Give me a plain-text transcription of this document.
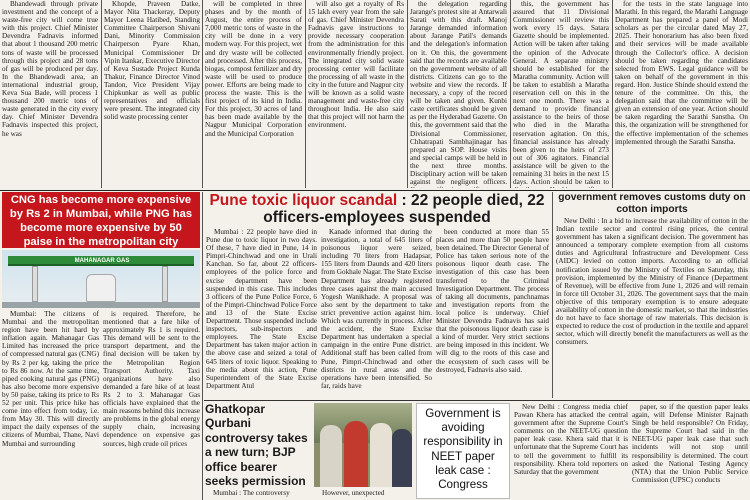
Bhandewadi through private investment and the concept of a waste-free city will come true with this project. Chief Minister Devendra Fadnavis informed that about 1 thousand 200 metric tons of waste will be processed through this project and 28 tons of gas will be produced per day. In the Bhandewadi area, an international industrial group, Keva Sua Bade, will process 1 thousand 200 metric tons of waste generated in the city every day. Chief Minister Devendra Fadnavis inspected this project, he was

Khopde, Praveen Datke, Mayor Nita Thackeray, Deputy Mayor Leena Hatibed, Standing Committee Chairperson Shivani Dani, Minority Commission Chairperson Pyare Khan, Municipal Commissioner Dr Vipin Itankar, Executive Director of Keva Sustade Project Kunda Thakur, Finance Director Vinod Tandon, Vice President Vijay Chipkunkar as well as public representatives and officials were present. The integrated city solid waste processing center

will be completed in three phases and by the month of August, the entire process of 7,000 metric tons of waste in the city will be done in a very modern way. For this project, wet and dry waste will be collected and processed. After this process, biogas, compost fertilizer and dry waste will be used to produce power. Efforts are being made to process the waste. This is the first project of its kind in India. For this project, 30 acres of land has been made available by the Nagpur Municipal Corporation and the Municipal Corporation

will also get a royalty of Rs 15 lakh every year from the sale of gas. Chief Minister Devendra Fadnavis gave instructions to provide necessary cooperation from the administration for this environmentally friendly project. The integrated city solid waste processing center will facilitate the processing of all waste in the city in the future and Nagpur city will be known as a solid waste management and waste-free city throughout India. He also said that this project will not harm the environment.

the delegation regarding Jarange's protest site at Antarwali Sarati with this draft. Manoj Jarange demanded information about Jarange Patil's demands and the delegation's information on it. On this, the government said that the records are available on the government website of all districts. Citizens can go to the website and view the records. If necessary, a copy of the record will be taken and given. Kunbi caste certificates should be given as per the Hyderabad Gazette. On this, the government said that the Divisional Commissioner, Chhatrapati Sambhajinagar has prepared an SOP. House visits and special camps will be held in the next three months. Disciplinary action will be taken against the negligent officers.

this, the government has assured that 11 Divisional Commissioner will review this work every 15 days. Satara Gazette should be implemented. Action will be taken after taking the opinion of the Advocate General. A separate ministry should be established for the Maratha community. Action will be taken to establish a Maratha reservation cell on this in the next one month. There was a demand to provide financial assistance to the heirs of those who died in the Maratha reservation agitation. On this, financial assistance has already been given to the heirs of 273 out of 306 agitators. Financial assistance will be given to the remaining 31 heirs in the next 15 days. Action should be taken to

for the tests in the state language into Marathi. In this regard, the Marathi Language Department has prepared a panel of Modi scholars as per the circular dated May 27, 2025. Their honorarium has also been fixed and their services will be made available through the Collector's office. A decision should be taken regarding the candidates selected from EWS. Legal guidance will be taken on behalf of the government in this regard. Hon. Justice Shinde should extend the tenure of the committee. On this, the delegation said that the committee will be given an extension of one year. Action should be taken regarding the Sarathi Sanstha. On this, the organization will be strengthened for the effective implementation of the schemes implemented through the Sarathi Sanstha.

CNG has become more expensive by Rs 2 in Mumbai, while PNG has become more expensive by 50 paise in the metropolitan city
MAHANAGAR GAS

Mumbai: The citizens of Mumbai and the metropolitan region have been hit hard by inflation again. Mahanagar Gas Limited has increased the price of compressed natural gas (CNG) by Rs 2 per kg, taking the price to Rs 86 now. At the same time, piped cooking natural gas (PNG) has also become more expensive by 50 paise, taking its price to Rs 52 per unit. This price hike has come into effect from today, i.e. from May 30. This will directly impact the daily expenses of the citizens of Mumbai, Thane, Navi Mumbai and surrounding

is required. Therefore, he mentioned that a fare hike of approximately Rs 1 is required. This demand will be sent to the transport department, and the final decision will be taken by the Metropolitan Region Transport Authority. Taxi organizations have also demanded a fare hike of at least Rs 2 to 3. Mahanagar Gas officials have explained that the main reasons behind this increase are problems in the global energy supply chain, increasing dependence on expensive gas sources, high crude oil prices

Pune toxic liquor scandal : 22 people died, 22 officers-employees suspended

Mumbai : 22 people have died in Pune due to toxic liquor in two days. Of these, 7 have died in Pune, 14 in Pimpri-Chinchwad and one in Urali Kanchan. So far, about 22 officers-employees of the police force and excise department have been suspended in this case. This includes 3 officers of the Pune Police Force, 6 of the Pimpri-Chinchwad Police Force and 13 of the State Excise Department. Those suspended include inspectors, sub-inspectors and employees. The State Excise Department has taken major action in the above case and seized a total of 645 liters of toxic liquor. Speaking to the media about this action, Pune Superintendent of the State Excise Department Atul

Kanade informed that during the investigation, a total of 645 liters of poisonous liquor were seized, including 70 liters from Hadapsar, 155 liters from Daunds and 420 liters from Gokhale Nagar. The State Excise Department has already registered three cases against the main accused Yogesh Wanikhade. A proposal was also sent by the department to take strict preventive action against him. Which was currently in process. After the accident, the State Excise Department has undertaken a special campaign in the entire Pune district. Additional staff has been called from Pune, Pimpri-Chinchwad and other districts in rural areas and the operations have been intensified. So far, raids have

been conducted at more than 55 places and more than 50 people have been detained. The Director General of Police has taken serious note of the poisonous liquor death case. The investigation of this case has been transferred to the Criminal Investigation Department. The process of taking all documents, panchnamas and investigation reports from the local police is underway. Chief Minister Devendra Fadnavis has said that the poisonous liquor death case is a kind of murder. Very strict sections are being imposed in this incident. We will dig to the roots of this case and the ecosystem of such cases will be destroyed, Fadnavis also said.

government removes customs duty on cotton imports

New Delhi : In a bid to increase the availability of cotton in the Indian textile sector and control rising prices, the central government has taken a significant decision. The government has announced a temporary complete exemption from all customs duties and Agricultural Infrastructure and Development Cess (AIDC) levied on cotton imports. According to an official notification issued by the Ministry of Textiles on Saturday, this provision, implemented by the Ministry of Finance (Department of Revenue), will be effective from June 1, 2026 and will remain in force till October 31, 2026. The government says that the main objective of this temporary exemption is to ensure adequate availability of cotton in the domestic market, so that the industries do not have to face shortage of raw materials. This decision is expected to reduce the cost of production in the textile and apparel sector, which will directly benefit the manufacturers as well as the consumers.

Ghatkopar Qurbani controversy takes a new turn; BJP office bearer seeks permission

Mumbai : The controversy	However, unexpected

Government is avoiding responsibility in NEET paper leak case : Congress

New Delhi : Congress media chief Pawan Khera has attacked the central government after the Supreme Court's comments on the NEET-UG question paper leak case. Khera said that it is unfortunate that the Supreme Court has to tell the government to fulfill its responsibility. Khera told reporters on Saturday that the government

paper, so if the question paper leaks again, will Defense Minister Rajnath Singh be held responsible? On Friday, the Supreme Court had said in the NEET-UG paper leak case that such incidents will not stop until responsibility is determined. The court asked the National Testing Agency (NTA) that the Union Public Service Commission (UPSC) conducts
